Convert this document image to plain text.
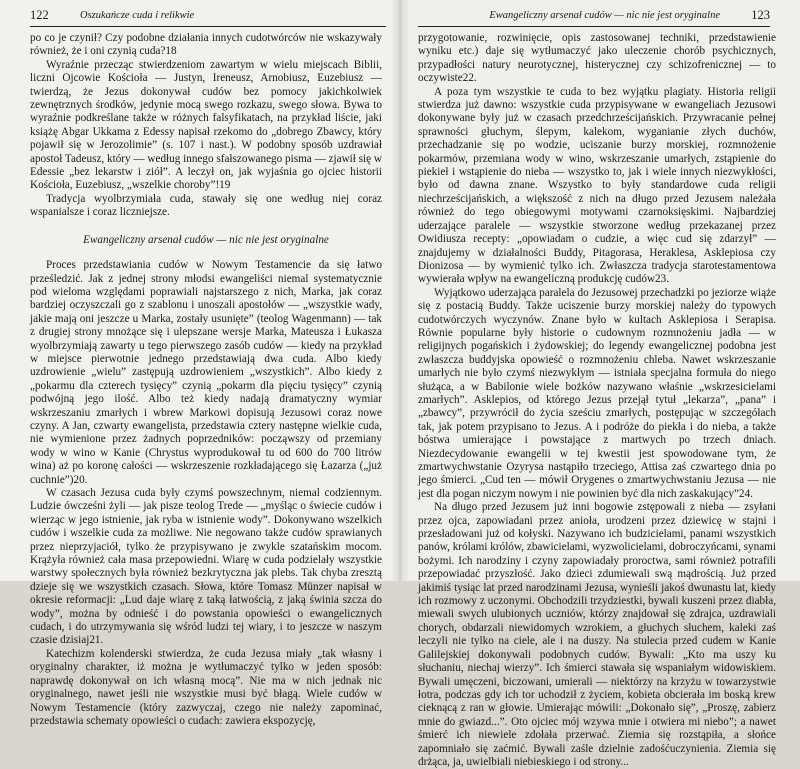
122	Oszukańcze cuda i relikwie

po co je czynił? Czy podobne działania innych cudotwórców nie wskazywały również, że i oni czynią cuda?18

Wyraźnie przecząc stwierdzeniom zawartym w wielu miejscach Biblii, liczni Ojcowie Kościoła — Justyn, Ireneusz, Arnobiusz, Euzebiusz — twierdzą, że Jezus dokonywał cudów bez pomocy jakichkolwiek zewnętrznych środków, jedynie mocą swego rozkazu, swego słowa. Bywa to wyraźnie podkreślane także w różnych falsyfikatach, na przykład liście, jaki książę Abgar Ukkama z Edessy napisał rzekomo do „dobrego Zbawcy, który pojawił się w Jerozolimie” (s. 107 i nast.). W podobny sposób uzdrawiał apostoł Tadeusz, który — według innego sfałszowanego pisma — zjawił się w Edessie „bez lekarstw i ziół”. A leczył on, jak wyjaśnia go ojciec historii Kościoła, Euzebiusz, „wszelkie choroby”!19

Tradycja wyolbrzymiała cuda, stawały się one według niej coraz wspanialsze i coraz liczniejsze.

Ewangeliczny arsenał cudów — nic nie jest oryginalne

Proces przedstawiania cudów w Nowym Testamencie da się łatwo prześledzić. Jak z jednej strony młodsi ewangeliści niemal systematycznie pod wieloma względami poprawiali najstarszego z nich, Marka, jak coraz bardziej oczyszczali go z szablonu i unoszali apostołów — „wszystkie wady, jakie mają oni jeszcze u Marka, zostały usunięte” (teolog Wagenmann) — tak z drugiej strony mnożące się i ulepszane wersje Marka, Mateusza i Łukasza wyolbrzymiają zawarty u tego pierwszego zasób cudów — kiedy na przykład w miejsce pierwotnie jednego przedstawiają dwa cuda. Albo kiedy uzdrowienie „wielu” zastępują uzdrowieniem „wszystkich”. Albo kiedy z „pokarmu dla czterech tysięcy” czynią „pokarm dla pięciu tysięcy” czynią podwójną jego ilość. Albo też kiedy nadają dramatyczny wymiar wskrzeszaniu zmarłych i wbrew Markowi dopisują Jezusowi coraz nowe czyny. A Jan, czwarty ewangelista, przedstawia cztery następne wielkie cuda, nie wymienione przez żadnych poprzedników: począwszy od przemiany wody w wino w Kanie (Chrystus wyprodukował tu od 600 do 700 litrów wina) aż po koronę całości — wskrzeszenie rozkładającego się Łazarza („już cuchnie”)20.

W czasach Jezusa cuda były czymś powszechnym, niemal codziennym. Ludzie ówcześni żyli — jak pisze teolog Trede — „myśląc o świecie cudów i wierząc w jego istnienie, jak ryba w istnienie wody”. Dokonywano wszelkich cudów i wszelkie cuda za możliwe. Nie negowano także cudów sprawianych przez nieprzyjaciół, tylko że przypisywano je zwykle szatańskim mocom. Krążyła również cała masa przepowiedni. Wiarę w cuda podzielały wszystkie warstwy społecznych była również bezkrytyczna jak plebs. Tak chyba zresztą dzieje się we wszystkich czasach. Słowa, które Tomasz Münzer napisał w okresie reformacji: „Lud daje wiarę z taką łatwością, z jaką świnia szcza do wody”, można by odnieść i do powstania opowieści o ewangelicznych cudach, i do utrzymywania się wśród ludzi tej wiary, i to jeszcze w naszym czasie dzisiaj21.

Katechizm kolenderski stwierdza, że cuda Jezusa miały „tak własny i oryginalny charakter, iż można je wytłumaczyć tylko w jeden sposób: naprawdę dokonywał on ich własną mocą”. Nie ma w nich jednak nic oryginalnego, nawet jeśli nie wszystkie musi być błagą. Wiele cudów w Nowym Testamencie (który zazwyczaj, czego nie należy zapominać, przedstawia schematy opowieści o cudach: zawiera ekspozycję,

Ewangeliczny arsenał cudów — nic nie jest oryginalne	123

przygotowanie, rozwinięcie, opis zastosowanej techniki, przedstawienie wyniku etc.) daje się wytłumaczyć jako uleczenie chorób psychicznych, przypadłości natury neurotycznej, histerycznej czy schizofrenicznej — to oczywiste22.

A poza tym wszystkie te cuda to bez wyjątku plagiaty. Historia religii stwierdza już dawno: wszystkie cuda przypisywane w ewangeliach Jezusowi dokonywane były już w czasach przedchrześcijańskich. Przywracanie pełnej sprawności głuchym, ślepym, kalekom, wyganianie złych duchów, przechadzanie się po wodzie, uciszanie burzy morskiej, rozmnożenie pokarmów, przemiana wody w wino, wskrzeszanie umarłych, zstąpienie do piekieł i wstąpienie do nieba — wszystko to, jak i wiele innych niezwykłości, było od dawna znane. Wszystko to były standardowe cuda religii niechrześcijańskich, a większość z nich na długo przed Jezusem należała również do tego obiegowymi motywami czarnoksięskimi. Najbardziej uderzające paralele — wszystkie stworzone według przekazanej przez Owidiusza recepty: „opowiadam o cudzie, a więc cud się zdarzył” — znajdujemy w działalności Buddy, Pitagorasa, Heraklesa, Asklepiosa czy Dionizosa — by wymienić tylko ich. Zwłaszcza tradycja starotestamentowa wywierała wpływ na ewangeliczną produkcję cudów23.

Wyjątkowo uderzająca paralela do Jezusowej przechadzki po jeziorze wiąże się z postacią Buddy. Także uciszenie burzy morskiej należy do typowych cudotwórczych wyczynów. Znane było w kultach Asklepiosa i Serapisa. Równie popularne były historie o cudownym rozmnożeniu jadła — w religijnych pogańskich i żydowskiej; do legendy ewangelicznej podobna jest zwłaszcza buddyjska opowieść o rozmnożeniu chleba. Nawet wskrzeszanie umarłych nie było czymś niezwykłym — istniała specjalna formuła do niego służąca, a w Babilonie wiele bożków nazywano właśnie „wskrzesicielami zmarłych”. Asklepios, od którego Jezus przejął tytuł „lekarza”, „pana” i „zbawcy”, przywrócił do życia sześciu zmarłych, postępując w szczegółach tak, jak potem przypisano to Jezus. A i podróże do piekła i do nieba, a także bóstwa umierające i powstające z martwych po trzech dniach. Niezdecydowanie ewangelii w tej kwestii jest spowodowane tym, że zmartwychwstanie Ozyrysa nastąpiło trzeciego, Attisa zaś czwartego dnia po jego śmierci. „Cud ten — mówił Orygenes o zmartwychwstaniu Jezusa — nie jest dla pogan niczym nowym i nie powinien być dla nich zaskakujący”24.

Na długo przed Jezusem już inni bogowie zstępowali z nieba — zsyłani przez ojca, zapowiadani przez anioła, urodzeni przez dziewicę w stajni i przesładowani już od kołyski. Nazywano ich budzicielami, panami wszystkich panów, królami królów, zbawicielami, wyzwolicielami, dobroczyńcami, synami bożymi. Ich narodziny i czyny zapowiadały proroctwa, sami również potrafili przepowiadać przyszłość. Jako dzieci zdumiewali swą mądrością. Już przed jakimiś tysiąc lat przed narodzinami Jezusa, wynieśli jakoś dwunastu lat, kiedy ich rozmowy z uczonymi. Obchodzili trzydziestki, bywali kuszeni przez diabła, miewali swych ulubionych uczniów, którzy znajdował się zdrajca, uzdrawiali chorych, obdarzali niewidomych wzrokiem, a głuchych słuchem, kaleki zaś leczyli nie tylko na ciele, ale i na duszy. Na stulecia przed cudem w Kanie Galilejskiej dokonywali podobnych cudów. Bywali: „Kto ma uszy ku słuchaniu, niechaj wierzy”. Ich śmierci stawała się wspaniałym widowiskiem. Bywali umęczeni, biczowani, umierali — niektórzy na krzyżu w towarzystwie łotra, podczas gdy ich tor uchodził z życiem, kobieta obcierała im boską krew cieknącą z ran w głowie. Umierając mówili: „Dokonało się”, „Proszę, zabierz mnie do gwiazd...”. Oto ojciec mój wzywa mnie i otwiera mi niebo”; a nawet śmierć ich niewiele zdołała przerwać. Ziemia się rozstąpiła, a słońce zapomniało się zaćmić. Bywali zaśle dzielnie zadośćuczynienia. Ziemia się drżąca, ja, uwielbiali niebieskiego i od strony...
